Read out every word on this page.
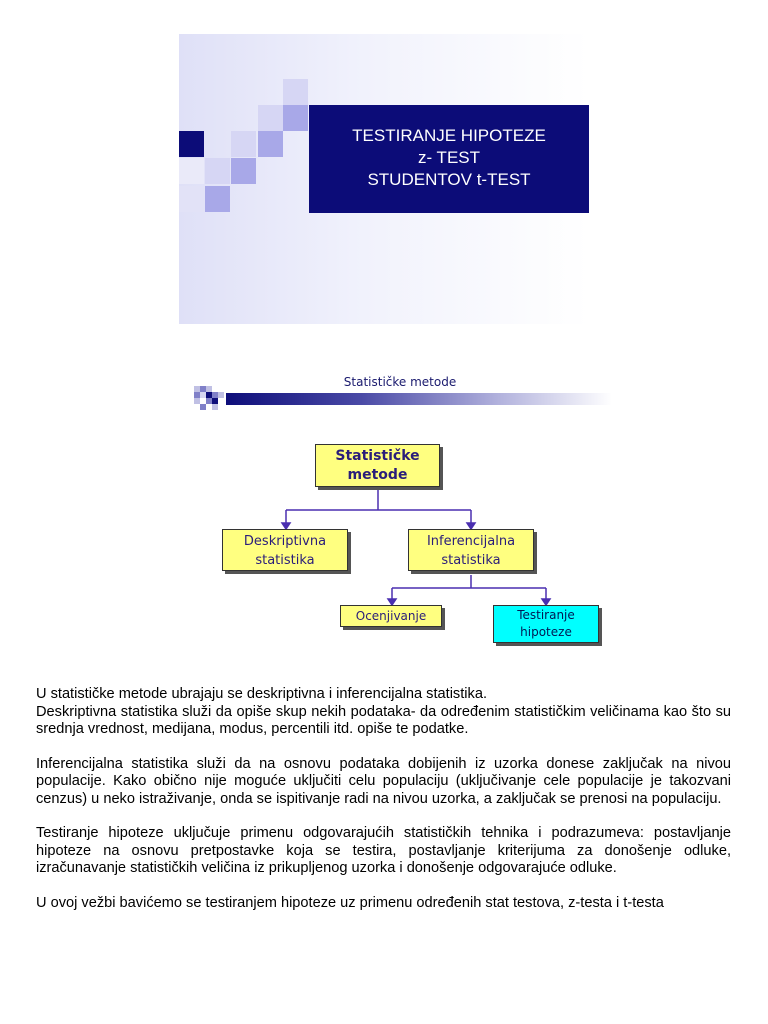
TESTIRANJE HIPOTEZE
z- TEST
STUDENTOV t-TEST
Statističke metode
Statističke
metode
Deskriptivna
statistika
Inferencijalna
statistika
Ocenjivanje	Testiranje
hipoteze

U statističke metode ubrajaju se deskriptivna i inferencijalna statistika.

Deskriptivna statistika služi da opiše skup nekih podataka- da određenim statističkim veličinama kao što su srednja vrednost, medijana, modus, percentili itd. opiše te podatke.

Inferencijalna statistika služi da na osnovu podataka dobijenih iz uzorka donese zaključak na nivou populacije. Kako obično nije moguće uključiti celu populaciju (uključivanje cele populacije je takozvani cenzus) u neko istraživanje, onda se ispitivanje radi na nivou uzorka, a zaključak se prenosi na populaciju.

Testiranje hipoteze uključuje primenu odgovarajućih statističkih tehnika i podrazumeva: postavljanje hipoteze na osnovu pretpostavke koja se testira, postavljanje kriterijuma za donošenje odluke, izračunavanje statističkih veličina iz prikupljenog uzorka i donošenje odgovarajuće odluke.

U ovoj vežbi bavićemo se testiranjem hipoteze uz primenu određenih stat testova, z-testa i t-testa
